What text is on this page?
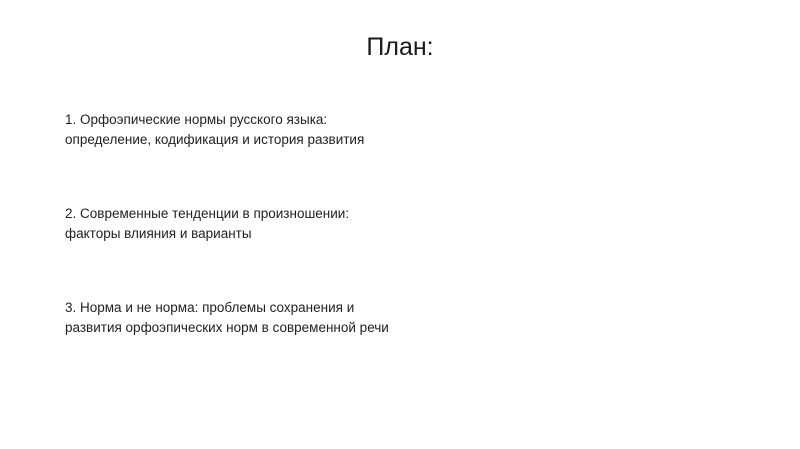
План:
1. Орфоэпические нормы русского языка:
определение, кодификация и история развития
2. Современные тенденции в произношении:
факторы влияния и варианты
3. Норма и не норма: проблемы сохранения и
развития орфоэпических норм в современной речи
